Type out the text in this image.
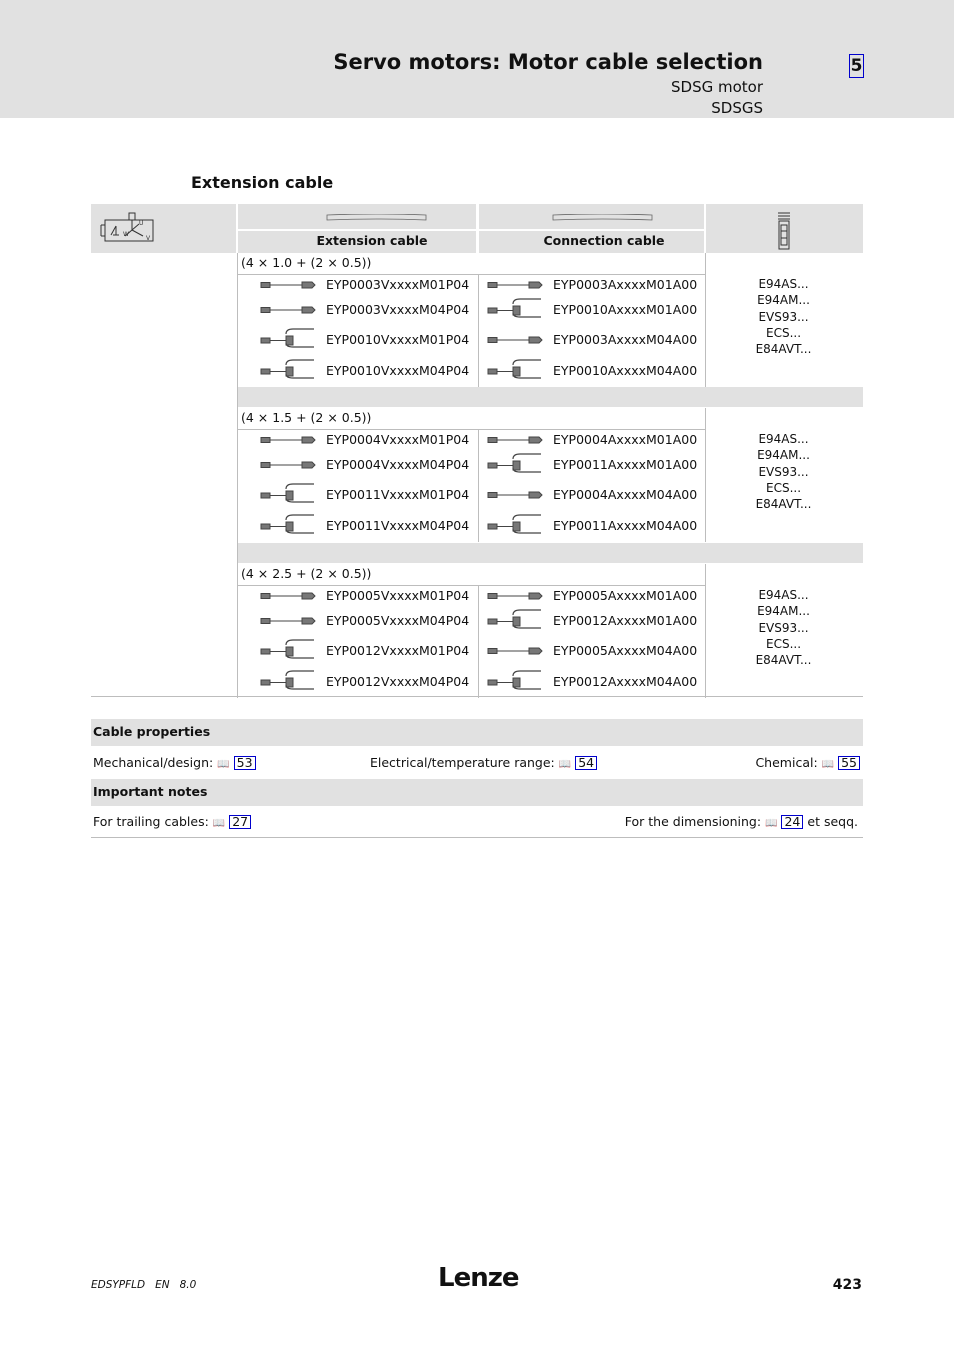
Servo motors: Motor cable selection
SDSG motor
SDSGS
5
Extension cable
W
U
V	Extension cable	Connection cable
(4 × 1.0 + (2 × 0.5))
EYP0003VxxxxM01P04	EYP0003AxxxxM01A00
EYP0003VxxxxM04P04	EYP0010AxxxxM01A00
EYP0010VxxxxM01P04	EYP0003AxxxxM04A00
EYP0010VxxxxM04P04	EYP0010AxxxxM04A00
E94AS...
E94AM...
EVS93...
ECS...
E84AVT...
(4 × 1.5 + (2 × 0.5))
EYP0004VxxxxM01P04	EYP0004AxxxxM01A00
EYP0004VxxxxM04P04	EYP0011AxxxxM01A00
EYP0011VxxxxM01P04	EYP0004AxxxxM04A00
EYP0011VxxxxM04P04	EYP0011AxxxxM04A00
E94AS...
E94AM...
EVS93...
ECS...
E84AVT...
(4 × 2.5 + (2 × 0.5))
EYP0005VxxxxM01P04	EYP0005AxxxxM01A00
EYP0005VxxxxM04P04	EYP0012AxxxxM01A00
EYP0012VxxxxM01P04	EYP0005AxxxxM04A00
EYP0012VxxxxM04P04	EYP0012AxxxxM04A00
E94AS...
E94AM...
EVS93...
ECS...
E84AVT...
Cable properties
Mechanical/design: 📖 53	Electrical/temperature range: 📖 54	Chemical: 📖 55
Important notes
For trailing cables: 📖 27	For the dimensioning: 📖 24 et seqq.
EDSYPFLD   EN   8.0	Lenze	423
